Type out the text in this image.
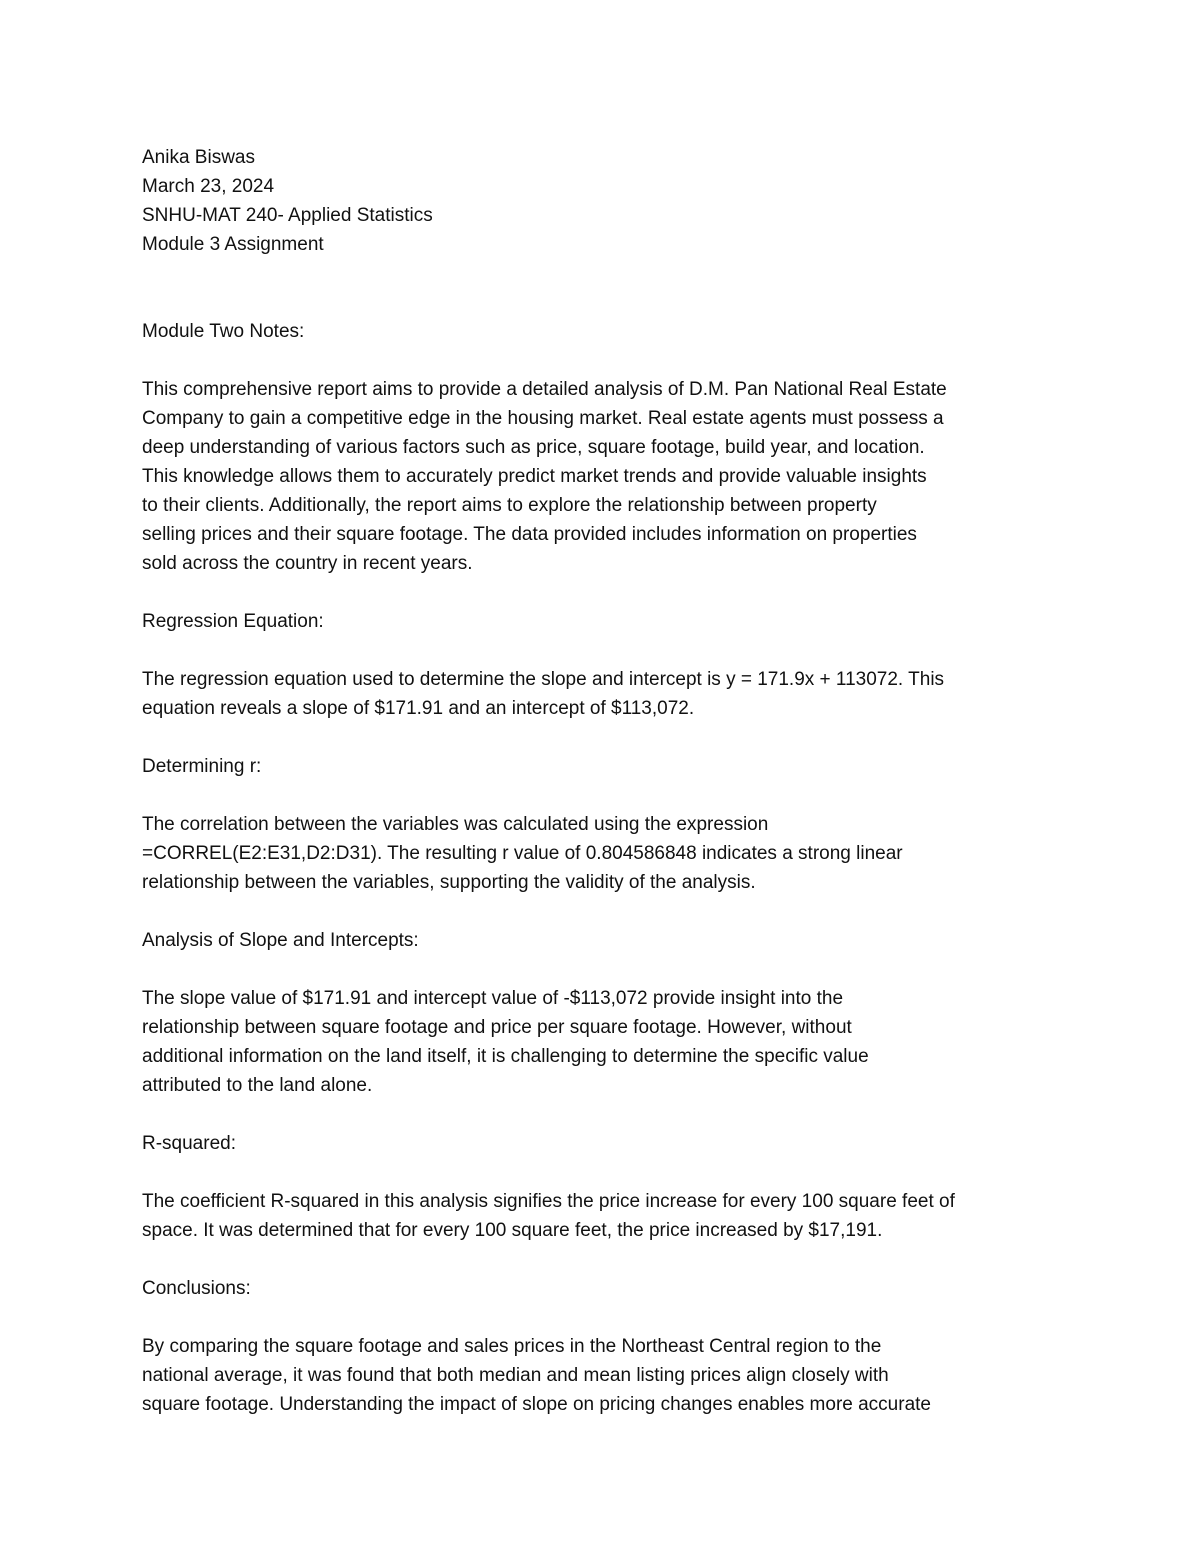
Anika Biswas
March 23, 2024
SNHU-MAT 240- Applied Statistics
Module 3 Assignment
Module Two Notes:
This comprehensive report aims to provide a detailed analysis of D.M. Pan National Real Estate
Company to gain a competitive edge in the housing market. Real estate agents must possess a
deep understanding of various factors such as price, square footage, build year, and location.
This knowledge allows them to accurately predict market trends and provide valuable insights
to their clients. Additionally, the report aims to explore the relationship between property
selling prices and their square footage. The data provided includes information on properties
sold across the country in recent years.
Regression Equation:
The regression equation used to determine the slope and intercept is y = 171.9x + 113072. This
equation reveals a slope of $171.91 and an intercept of $113,072.
Determining r:
The correlation between the variables was calculated using the expression
=CORREL(E2:E31,D2:D31). The resulting r value of 0.804586848 indicates a strong linear
relationship between the variables, supporting the validity of the analysis.
Analysis of Slope and Intercepts:
The slope value of $171.91 and intercept value of -$113,072 provide insight into the
relationship between square footage and price per square footage. However, without
additional information on the land itself, it is challenging to determine the specific value
attributed to the land alone.
R-squared:
The coefficient R-squared in this analysis signifies the price increase for every 100 square feet of
space. It was determined that for every 100 square feet, the price increased by $17,191.
Conclusions:
By comparing the square footage and sales prices in the Northeast Central region to the
national average, it was found that both median and mean listing prices align closely with
square footage. Understanding the impact of slope on pricing changes enables more accurate
